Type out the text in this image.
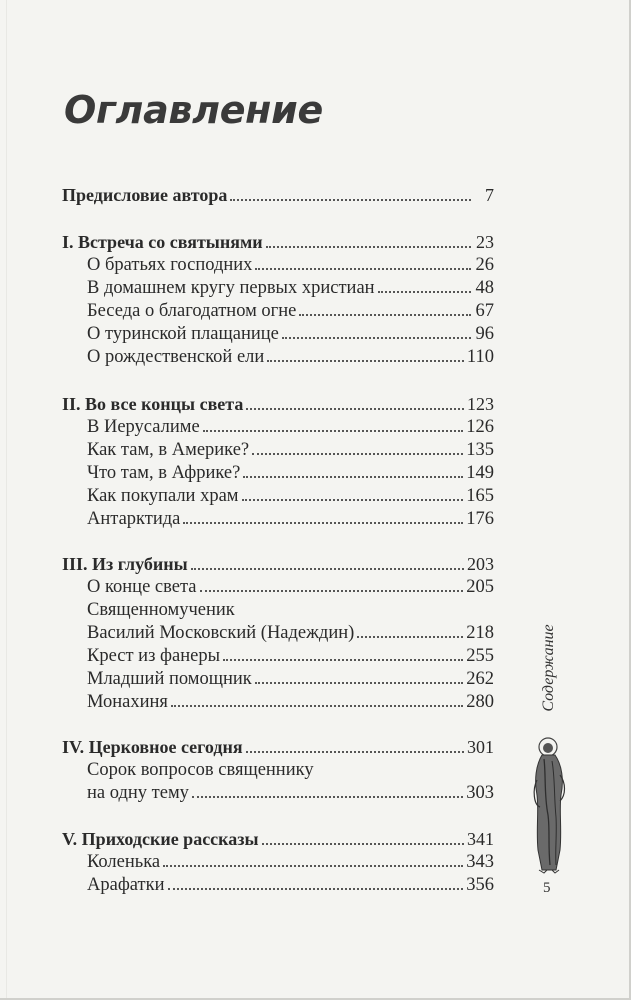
Оглавление
Предисловие автора	7
I. Встреча со святынями	23
О братьях господних	26
В домашнем кругу первых христиан	48
Беседа о благодатном огне	67
О туринской плащанице	96
О рождественской ели	110
II. Во все концы света	123
В Иерусалиме	126
Как там, в Америке?	135
Что там, в Африке?	149
Как покупали храм	165
Антарктида	176
III. Из глубины	203
О конце света	205
Священномученик
Василий Московский (Надеждин)	218
Крест из фанеры	255
Младший помощник	262
Монахиня	280
IV. Церковное сегодня	301
Сорок вопросов священнику
на одну тему	303
V. Приходские рассказы	341
Коленька	343
Арафатки	356
Содержание
5
